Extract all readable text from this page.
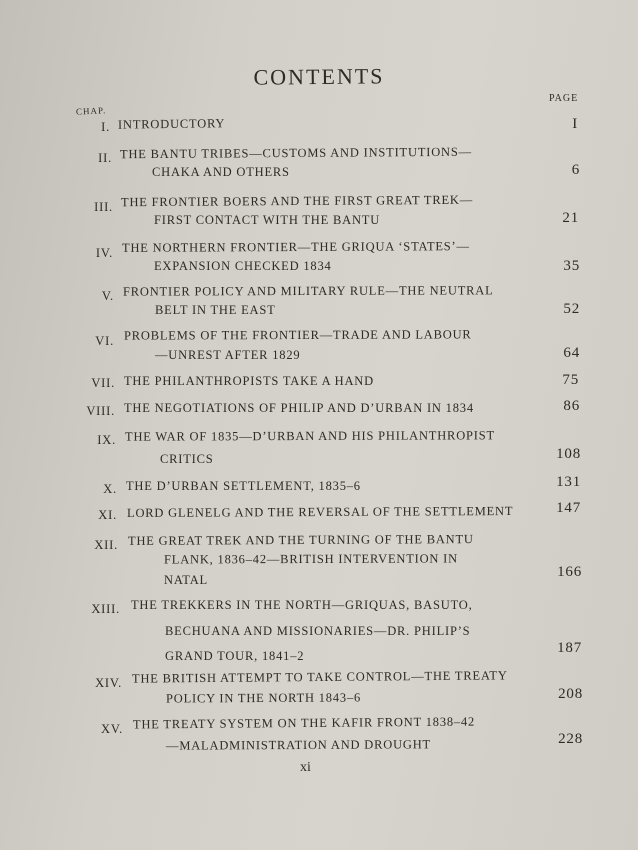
CONTENTS
CHAP.
PAGE
I. INTRODUCTORY	I
II. THE BANTU TRIBES—CUSTOMS AND INSTITUTIONS—
CHAKA AND OTHERS	6
III. THE FRONTIER BOERS AND THE FIRST GREAT TREK—
FIRST CONTACT WITH THE BANTU	21
IV. THE NORTHERN FRONTIER—THE GRIQUA ‘STATES’—
EXPANSION CHECKED 1834	35
V. FRONTIER POLICY AND MILITARY RULE—THE NEUTRAL
BELT IN THE EAST	52
VI. PROBLEMS OF THE FRONTIER—TRADE AND LABOUR
—UNREST AFTER 1829	64
VII. THE PHILANTHROPISTS TAKE A HAND	75
VIII. THE NEGOTIATIONS OF PHILIP AND D’URBAN IN 1834	86
IX. THE WAR OF 1835—D’URBAN AND HIS PHILANTHROPIST
CRITICS	108
X. THE D’URBAN SETTLEMENT, 1835–6	131
XI. LORD GLENELG AND THE REVERSAL OF THE SETTLEMENT	147
XII. THE GREAT TREK AND THE TURNING OF THE BANTU
FLANK, 1836–42—BRITISH INTERVENTION IN
NATAL	166
XIII. THE TREKKERS IN THE NORTH—GRIQUAS, BASUTO,
BECHUANA AND MISSIONARIES—DR. PHILIP’S
GRAND TOUR, 1841–2	187
XIV. THE BRITISH ATTEMPT TO TAKE CONTROL—THE TREATY
POLICY IN THE NORTH 1843–6	208
XV. THE TREATY SYSTEM ON THE KAFIR FRONT 1838–42
—MALADMINISTRATION AND DROUGHT	228
xi
